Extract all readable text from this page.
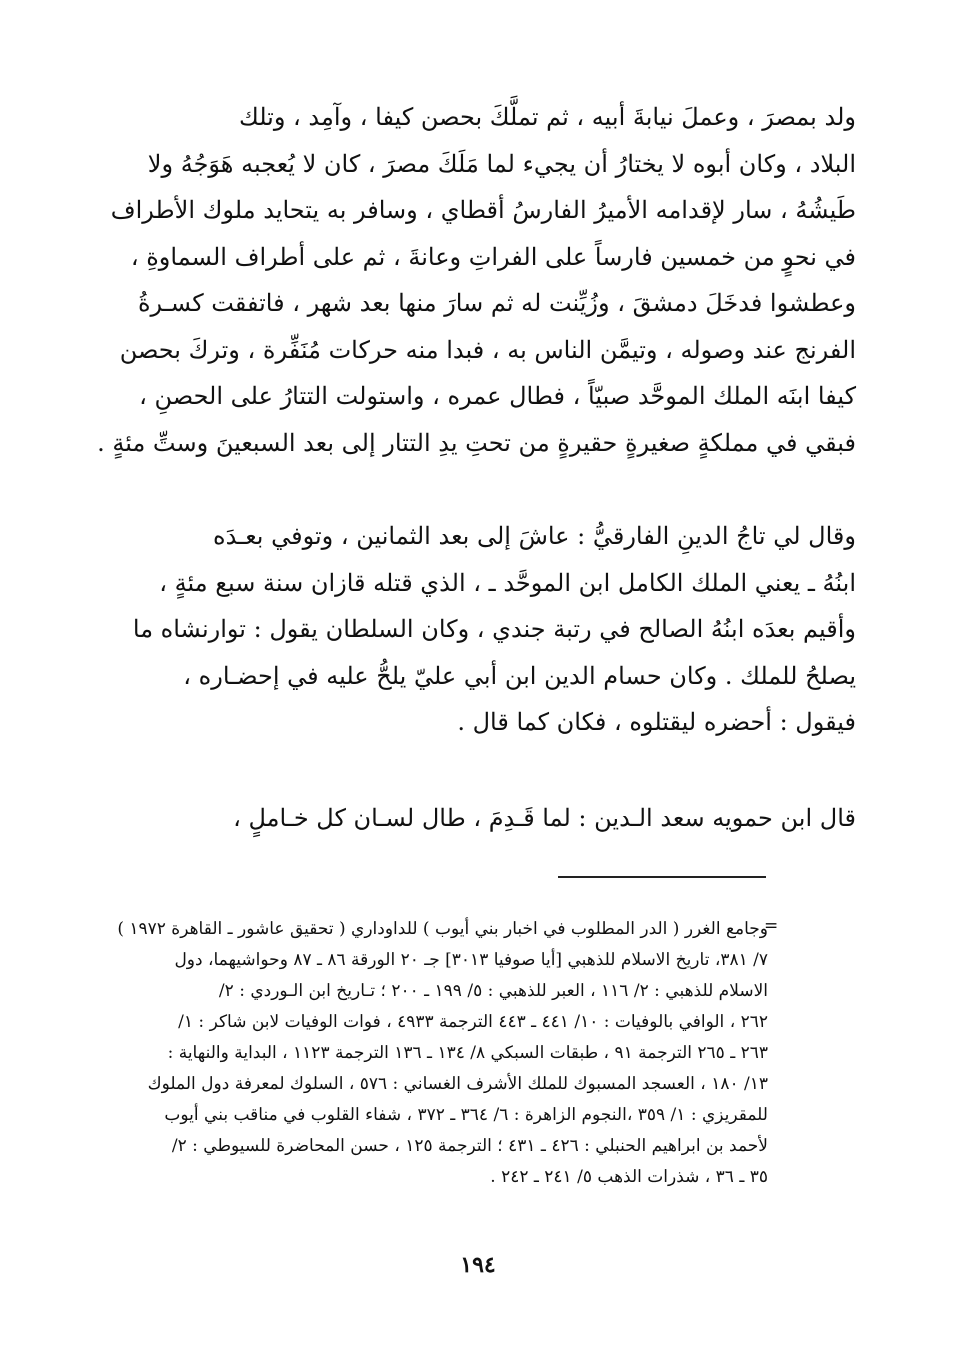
ولد بمصرَ ، وعملَ نيابةَ أبيه ، ثم تملَّكَ بحصن كيفا ، وآمِد ، وتلك
البلاد ، وكان أبوه لا يختارُ أن يجيء لما مَلَكَ مصرَ ، كان لا يُعجبه هَوَجُهُ ولا
طَيشُهُ ، سار لإقدامه الأميرُ الفارسُ أقطاي ، وسافر به يتحايد ملوك الأطراف
في نحوٍ من خمسين فارساً على الفراتِ وعانةَ ، ثم على أطراف السماوةِ ،
وعطشوا فدخَلَ دمشقَ ، وزُيِّنت له ثم سارَ منها بعد شهر ، فاتفقت كسـرةُ
الفرنج عند وصوله ، وتيمَّن الناس به ، فبدا منه حركات مُنَفِّرة ، وتركَ بحصن
كيفا ابنَه الملك الموحَّد صبيّاً ، فطال عمره ، واستولت التتارُ على الحصنِ ،
فبقي في مملكةٍ صغيرةٍ حقيرةٍ من تحتِ يدِ التتار إلى بعد السبعينَ وستِّ مئةٍ .
وقال لي تاجُ الدينِ الفارقيُّ : عاشَ إلى بعد الثمانين ، وتوفي بعـدَه
ابنُهُ ـ يعني الملك الكامل ابن الموحَّد ـ ، الذي قتله قازان سنة سبع مئةٍ ،
وأقيم بعدَه ابنُهُ الصالح في رتبة جندي ، وكان السلطان يقول : توارنشاه ما
يصلحُ للملك . وكان حسام الدين ابن أبي عليّ يلحُّ عليه في إحضـاره ،
فيقول : أحضره ليقتلوه ، فكان كما قال .
قال ابن حمويه سعد الـدين : لما قَـدِمَ ، طال لسـان كل خـاملٍ ،
=
وجامع الغرر ( الدر المطلوب في اخبار بني أيوب ) للداوداري ( تحقيق عاشور ـ القاهرة ١٩٧٢ )
٧/ ٣٨١، تاريخ الاسلام للذهبي [أيا صوفيا ٣٠١٣] جـ ٢٠ الورقة ٨٦ ـ ٨٧ وحواشيهما، دول
الاسلام للذهبي : ٢/ ١١٦ ، العبر للذهبي : ٥/ ١٩٩ ـ ٢٠٠ ؛ تـاريخ ابن الـوردي : ٢/
٢٦٢ ، الوافي بالوفيات : ١٠/ ٤٤١ ـ ٤٤٣ الترجمة ٤٩٣٣ ، فوات الوفيات لابن شاكر : ١/
٢٦٣ ـ ٢٦٥ الترجمة ٩١ ، طبقات السبكي ٨/ ١٣٤ ـ ١٣٦ الترجمة ١١٢٣ ، البداية والنهاية :
١٣/ ١٨٠ ، العسجد المسبوك للملك الأشرف الغساني : ٥٧٦ ، السلوك لمعرفة دول الملوك
للمقريزي : ١/ ٣٥٩ ،النجوم الزاهرة : ٦/ ٣٦٤ ـ ٣٧٢ ، شفاء القلوب في مناقب بني أيوب
لأحمد بن ابراهيم الحنبلي : ٤٢٦ ـ ٤٣١ ؛ الترجمة ١٢٥ ، حسن المحاضرة للسيوطي : ٢/
٣٥ ـ ٣٦ ، شذرات الذهب ٥/ ٢٤١ ـ ٢٤٢ .
١٩٤
